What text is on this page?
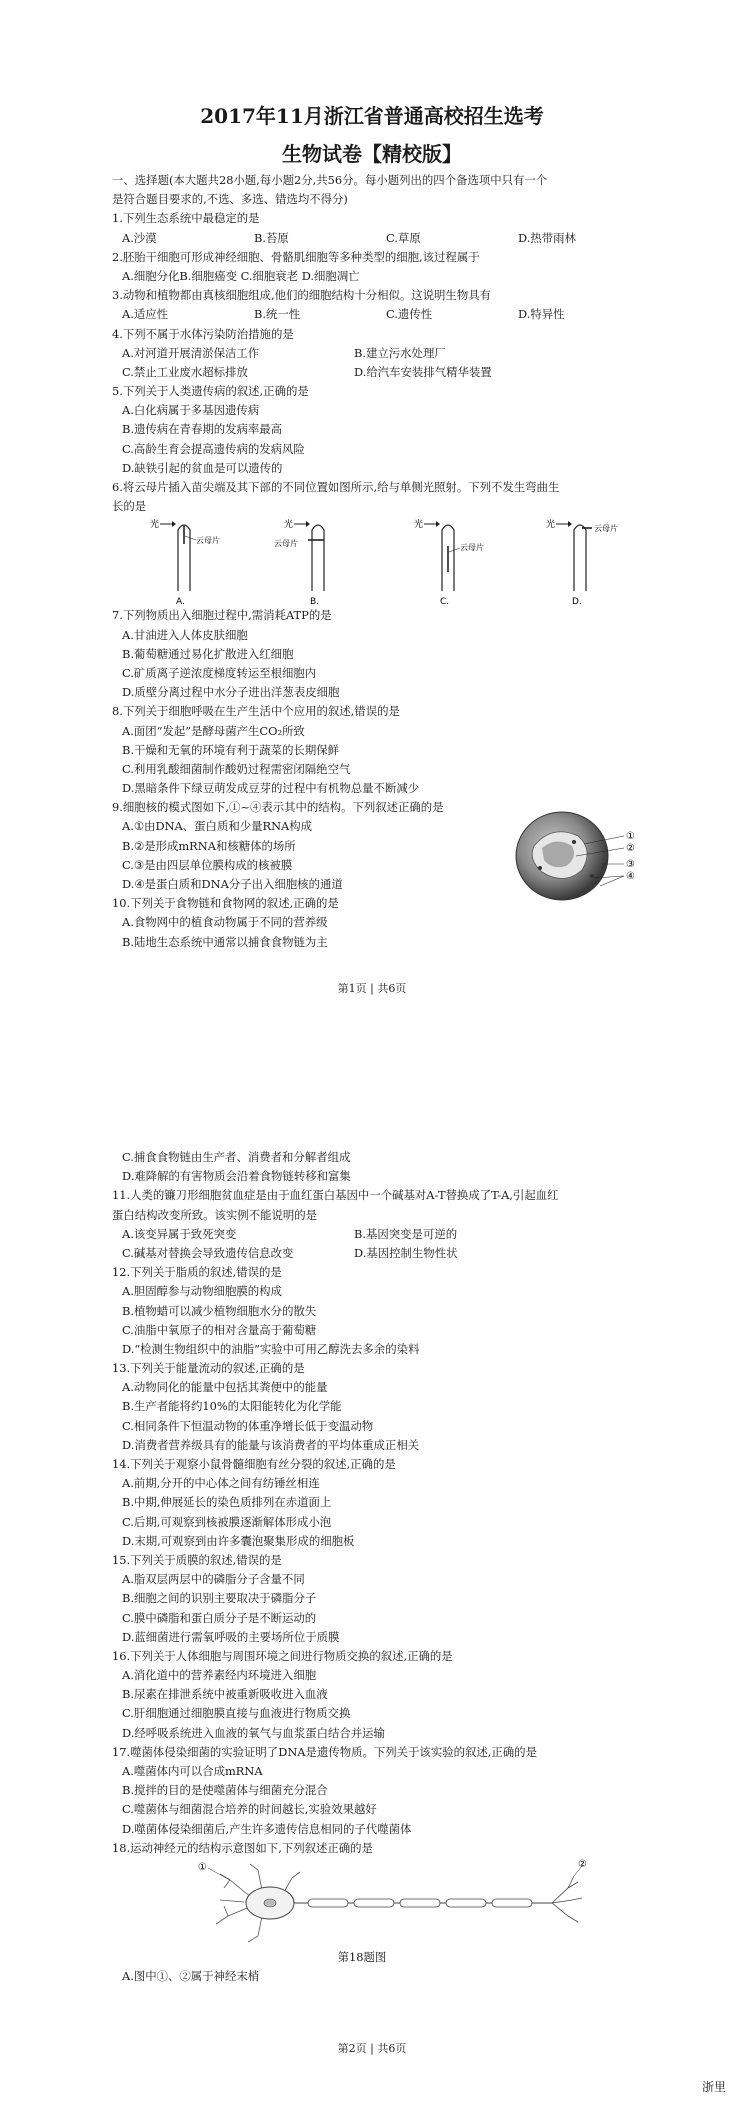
2017年11月浙江省普通高校招生选考
生物试卷【精校版】
一、选择题(本大题共28小题,每小题2分,共56分。每小题列出的四个备选项中只有一个
是符合题目要求的,不选、多选、错选均不得分)
1.下列生态系统中最稳定的是
A.沙漠	B.苔原	C.草原	D.热带雨林
2.胚胎干细胞可形成神经细胞、骨骼肌细胞等多种类型的细胞,该过程属于
A.细胞分化B.细胞癌变 C.细胞衰老 D.细胞凋亡
3.动物和植物都由真核细胞组成,他们的细胞结构十分相似。这说明生物具有
A.适应性	B.统一性	C.遗传性	D.特异性
4.下列不属于水体污染防治措施的是
A.对河道开展清淤保洁工作	B.建立污水处理厂
C.禁止工业废水超标排放	D.给汽车安装排气精华装置
5.下列关于人类遗传病的叙述,正确的是
A.白化病属于多基因遗传病
B.遗传病在青春期的发病率最高
C.高龄生育会提高遗传病的发病风险
D.缺铁引起的贫血是可以遗传的
6.将云母片插入苗尖端及其下部的不同位置如图所示,给与单侧光照射。下列不发生弯曲生
长的是
光
云母片
A.
光
云母片
B.
光
云母片
C.
光	云母片
D.
7.下列物质出入细胞过程中,需消耗ATP的是
A.甘油进入人体皮肤细胞
B.葡萄糖通过易化扩散进入红细胞
C.矿质离子逆浓度梯度转运至根细胞内
D.质壁分离过程中水分子进出洋葱表皮细胞
8.下列关于细胞呼吸在生产生活中个应用的叙述,错误的是
A.面团“发起”是酵母菌产生CO₂所致
B.干燥和无氧的环境有利于蔬菜的长期保鲜
C.利用乳酸细菌制作酸奶过程需密闭隔绝空气
D.黑暗条件下绿豆萌发成豆芽的过程中有机物总量不断减少
9.细胞核的模式图如下,①~④表示其中的结构。下列叙述正确的是
A.①由DNA、蛋白质和少量RNA构成
B.②是形成mRNA和核糖体的场所
C.③是由四层单位膜构成的核被膜
D.④是蛋白质和DNA分子出入细胞核的通道
①
②
③
④
10.下列关于食物链和食物网的叙述,正确的是
A.食物网中的植食动物属于不同的营养级
B.陆地生态系统中通常以捕食食物链为主
第1页 | 共6页
C.捕食食物链由生产者、消费者和分解者组成
D.难降解的有害物质会沿着食物链转移和富集
11.人类的镰刀形细胞贫血症是由于血红蛋白基因中一个碱基对A-T替换成了T-A,引起血红
蛋白结构改变所致。该实例不能说明的是
A.该变异属于致死突变	B.基因突变是可逆的
C.碱基对替换会导致遗传信息改变	D.基因控制生物性状
12.下列关于脂质的叙述,错误的是
A.胆固醇参与动物细胞膜的构成
B.植物蜡可以减少植物细胞水分的散失
C.油脂中氧原子的相对含量高于葡萄糖
D.“检测生物组织中的油脂”实验中可用乙醇洗去多余的染料
13.下列关于能量流动的叙述,正确的是
A.动物同化的能量中包括其粪便中的能量
B.生产者能将约10%的太阳能转化为化学能
C.相同条件下恒温动物的体重净增长低于变温动物
D.消费者营养级具有的能量与该消费者的平均体重成正相关
14.下列关于观察小鼠骨髓细胞有丝分裂的叙述,正确的是
A.前期,分开的中心体之间有纺锤丝相连
B.中期,伸展延长的染色质排列在赤道面上
C.后期,可观察到核被膜逐渐解体形成小泡
D.末期,可观察到由许多囊泡聚集形成的细胞板
15.下列关于质膜的叙述,错误的是
A.脂双层两层中的磷脂分子含量不同
B.细胞之间的识别主要取决于磷脂分子
C.膜中磷脂和蛋白质分子是不断运动的
D.蓝细菌进行需氧呼吸的主要场所位于质膜
16.下列关于人体细胞与周围环境之间进行物质交换的叙述,正确的是
A.消化道中的营养素经内环境进入细胞
B.尿素在排泄系统中被重新吸收进入血液
C.肝细胞通过细胞膜直接与血液进行物质交换
D.经呼吸系统进入血液的氧气与血浆蛋白结合并运输
17.噬菌体侵染细菌的实验证明了DNA是遗传物质。下列关于该实验的叙述,正确的是
A.噬菌体内可以合成mRNA
B.搅拌的目的是使噬菌体与细菌充分混合
C.噬菌体与细菌混合培养的时间越长,实验效果越好
D.噬菌体侵染细菌后,产生许多遗传信息相同的子代噬菌体
18.运动神经元的结构示意图如下,下列叙述正确的是
①	②
第18题图
A.图中①、②属于神经末梢
第2页 | 共6页
浙里
